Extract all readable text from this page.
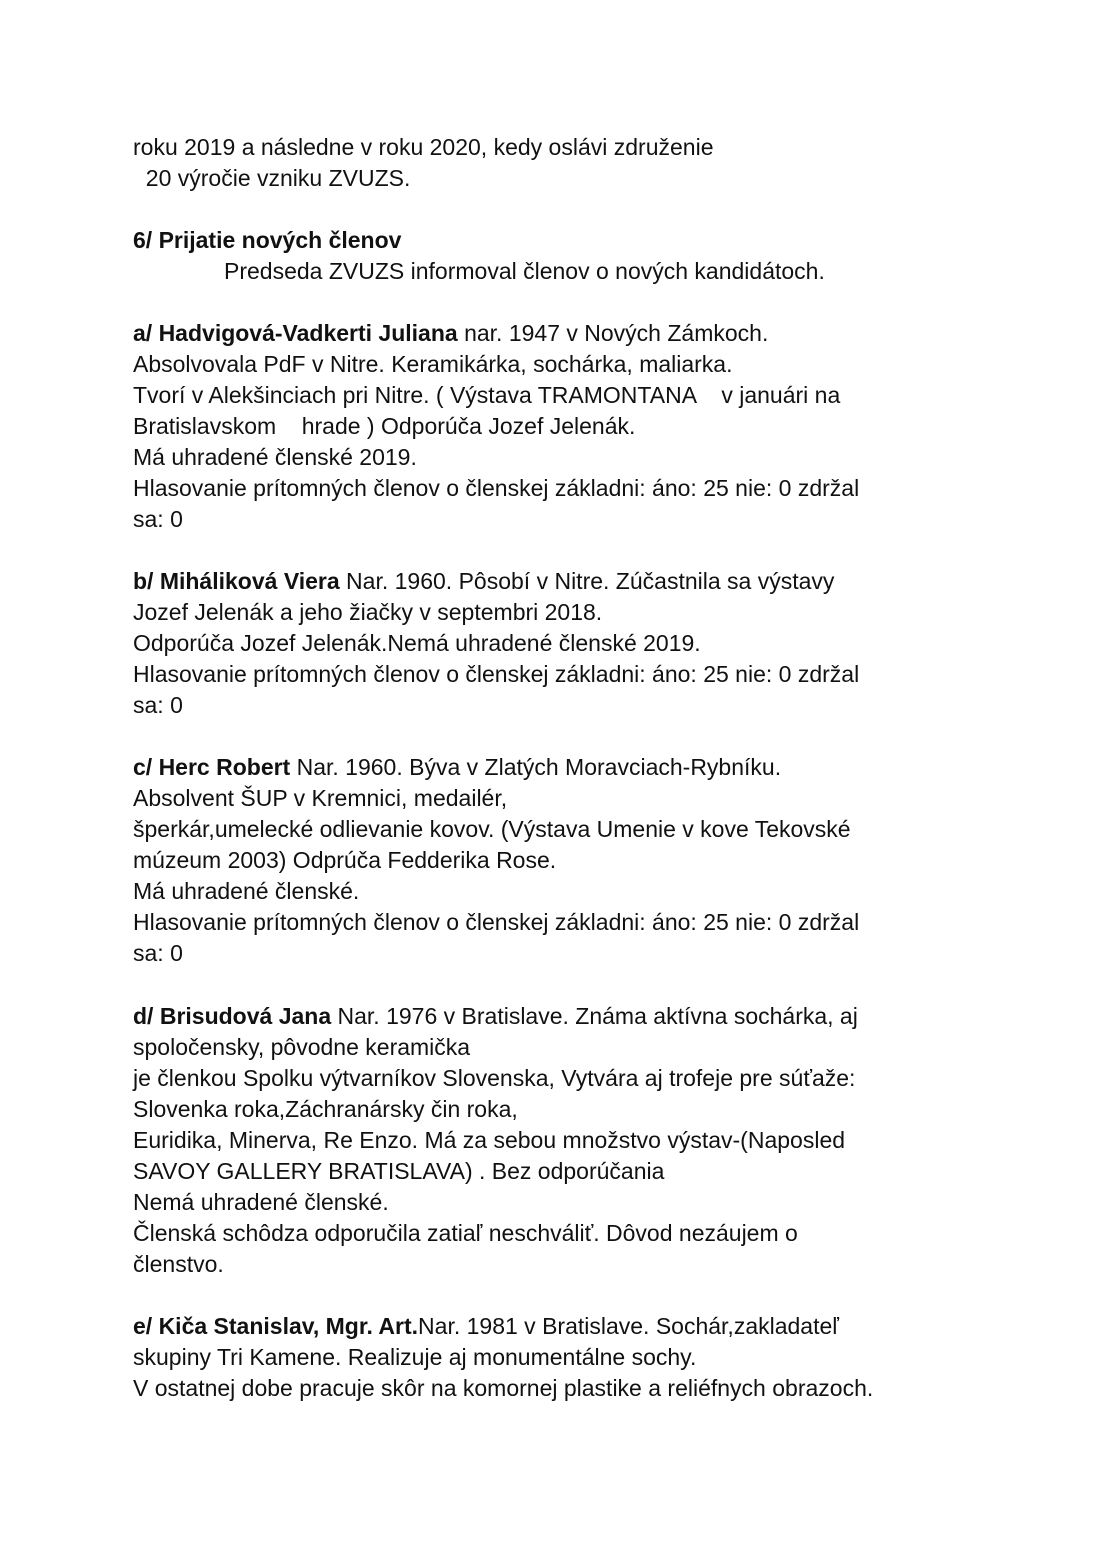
roku 2019 a následne v roku 2020, kedy oslávi združenie
20 výročie vzniku ZVUZS.
6/ Prijatie nových členov
Predseda ZVUZS informoval členov o nových kandidátoch.
a/ Hadvigová-Vadkerti Juliana nar. 1947 v Nových Zámkoch.
Absolvovala PdF v Nitre. Keramikárka, sochárka, maliarka.
Tvorí v Alekšinciach pri Nitre. ( Výstava TRAMONTANA    v januári na
Bratislavskom    hrade ) Odporúča Jozef Jelenák.
Má uhradené členské 2019.
Hlasovanie prítomných členov o členskej základni: áno: 25 nie: 0 zdržal
sa: 0
b/ Miháliková Viera Nar. 1960. Pôsobí v Nitre. Zúčastnila sa výstavy
Jozef Jelenák a jeho žiačky v septembri 2018.
Odporúča Jozef Jelenák.Nemá uhradené členské 2019.
Hlasovanie prítomných členov o členskej základni: áno: 25 nie: 0 zdržal
sa: 0
c/ Herc Robert Nar. 1960. Býva v Zlatých Moravciach-Rybníku.
Absolvent ŠUP v Kremnici, medailér,
šperkár,umelecké odlievanie kovov. (Výstava Umenie v kove Tekovské
múzeum 2003) Odprúča Fedderika Rose.
Má uhradené členské.
Hlasovanie prítomných členov o členskej základni: áno: 25 nie: 0 zdržal
sa: 0
d/ Brisudová Jana Nar. 1976 v Bratislave. Známa aktívna sochárka, aj
spoločensky, pôvodne keramička
je členkou Spolku výtvarníkov Slovenska, Vytvára aj trofeje pre súťaže:
Slovenka roka,Záchranársky čin roka,
Euridika, Minerva, Re Enzo. Má za sebou množstvo výstav-(Naposled
SAVOY GALLERY BRATISLAVA) . Bez odporúčania
Nemá uhradené členské.
Členská schôdza odporučila zatiaľ neschváliť. Dôvod nezáujem o
členstvo.
e/ Kiča Stanislav, Mgr. Art.Nar. 1981 v Bratislave. Sochár,zakladateľ
skupiny Tri Kamene. Realizuje aj monumentálne sochy.
V ostatnej dobe pracuje skôr na komornej plastike a reliéfnych obrazoch.
